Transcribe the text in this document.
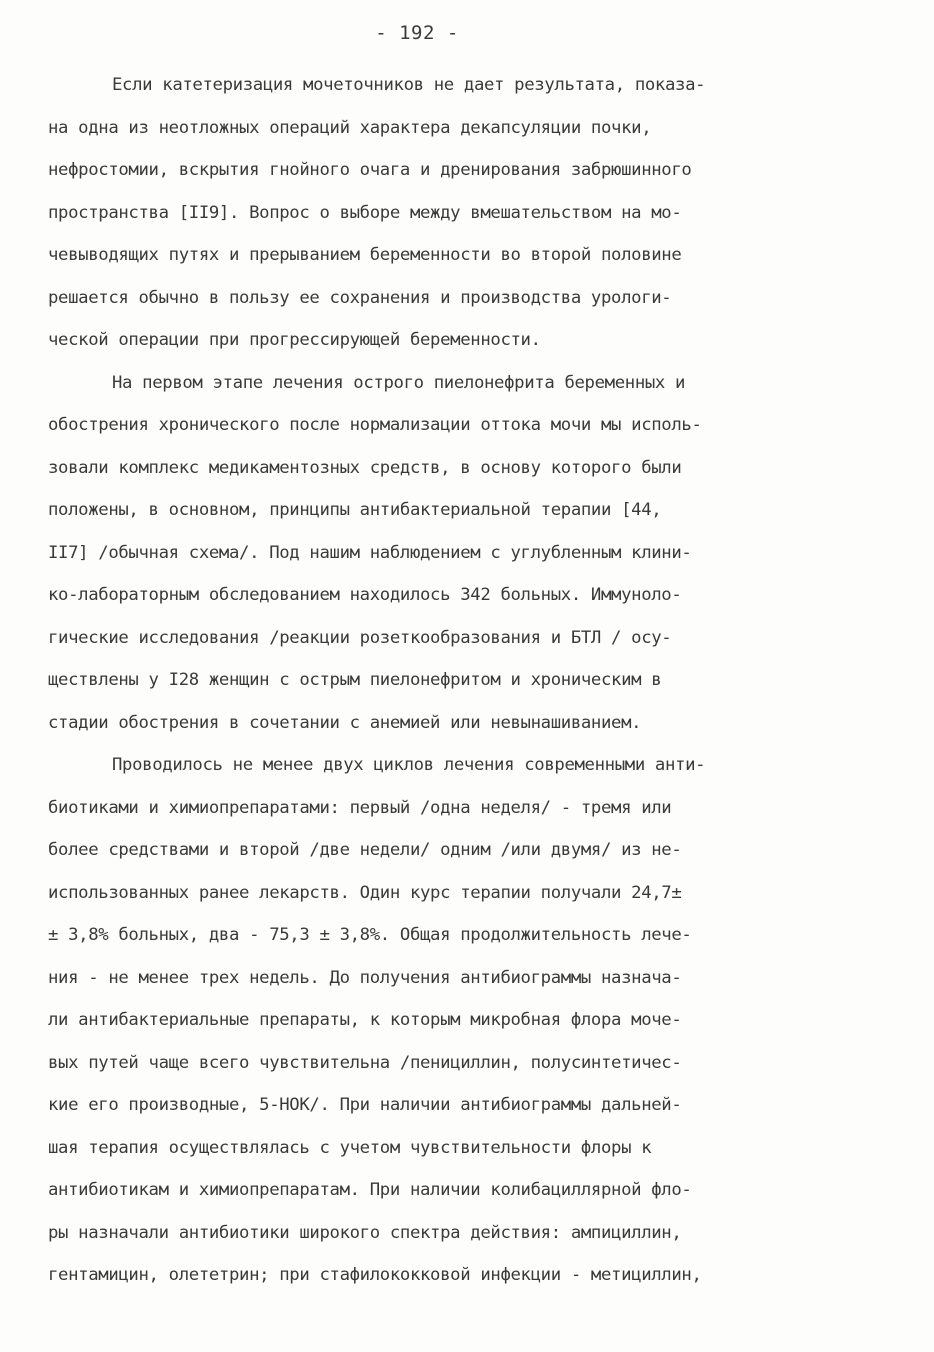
- 192 -
Если катетеризация мочеточников не дает результата, показа-
на одна из неотложных операций характера декапсуляции почки,
нефростомии, вскрытия гнойного очага и дренирования забрюшинного
пространства [II9]. Вопрос о выборе между вмешательством на мо-
чевыводящих путях и прерыванием беременности во второй половине
решается обычно в пользу ее сохранения и производства урологи-
ческой операции при прогрессирующей беременности.
На первом этапе лечения острого пиелонефрита беременных и
обострения хронического после нормализации оттока мочи мы исполь-
зовали комплекс медикаментозных средств, в основу которого были
положены, в основном, принципы антибактериальной терапии [44,
II7] /обычная схема/. Под нашим наблюдением с углубленным клини-
ко-лабораторным обследованием находилось 342 больных. Иммуноло-
гические исследования /реакции розеткообразования и БТЛ / осу-
ществлены у I28 женщин с острым пиелонефритом и хроническим в
стадии обострения в сочетании с анемией или невынашиванием.
Проводилось не менее двух циклов лечения современными анти-
биотиками и химиопрепаратами: первый /одна неделя/ - тремя или
более средствами и второй /две недели/ одним /или двумя/ из не-
использованных ранее лекарств. Один курс терапии получали 24,7±
± 3,8% больных, два - 75,3 ± 3,8%. Общая продолжительность лече-
ния - не менее трех недель. До получения антибиограммы назнача-
ли антибактериальные препараты, к которым микробная флора моче-
вых путей чаще всего чувствительна /пенициллин, полусинтетичес-
кие его производные, 5-НОК/. При наличии антибиограммы дальней-
шая терапия осуществлялась с учетом чувствительности флоры к
антибиотикам и химиопрепаратам. При наличии колибациллярной фло-
ры назначали антибиотики широкого спектра действия: ампициллин,
гентамицин, олететрин; при стафилококковой инфекции - метициллин,
